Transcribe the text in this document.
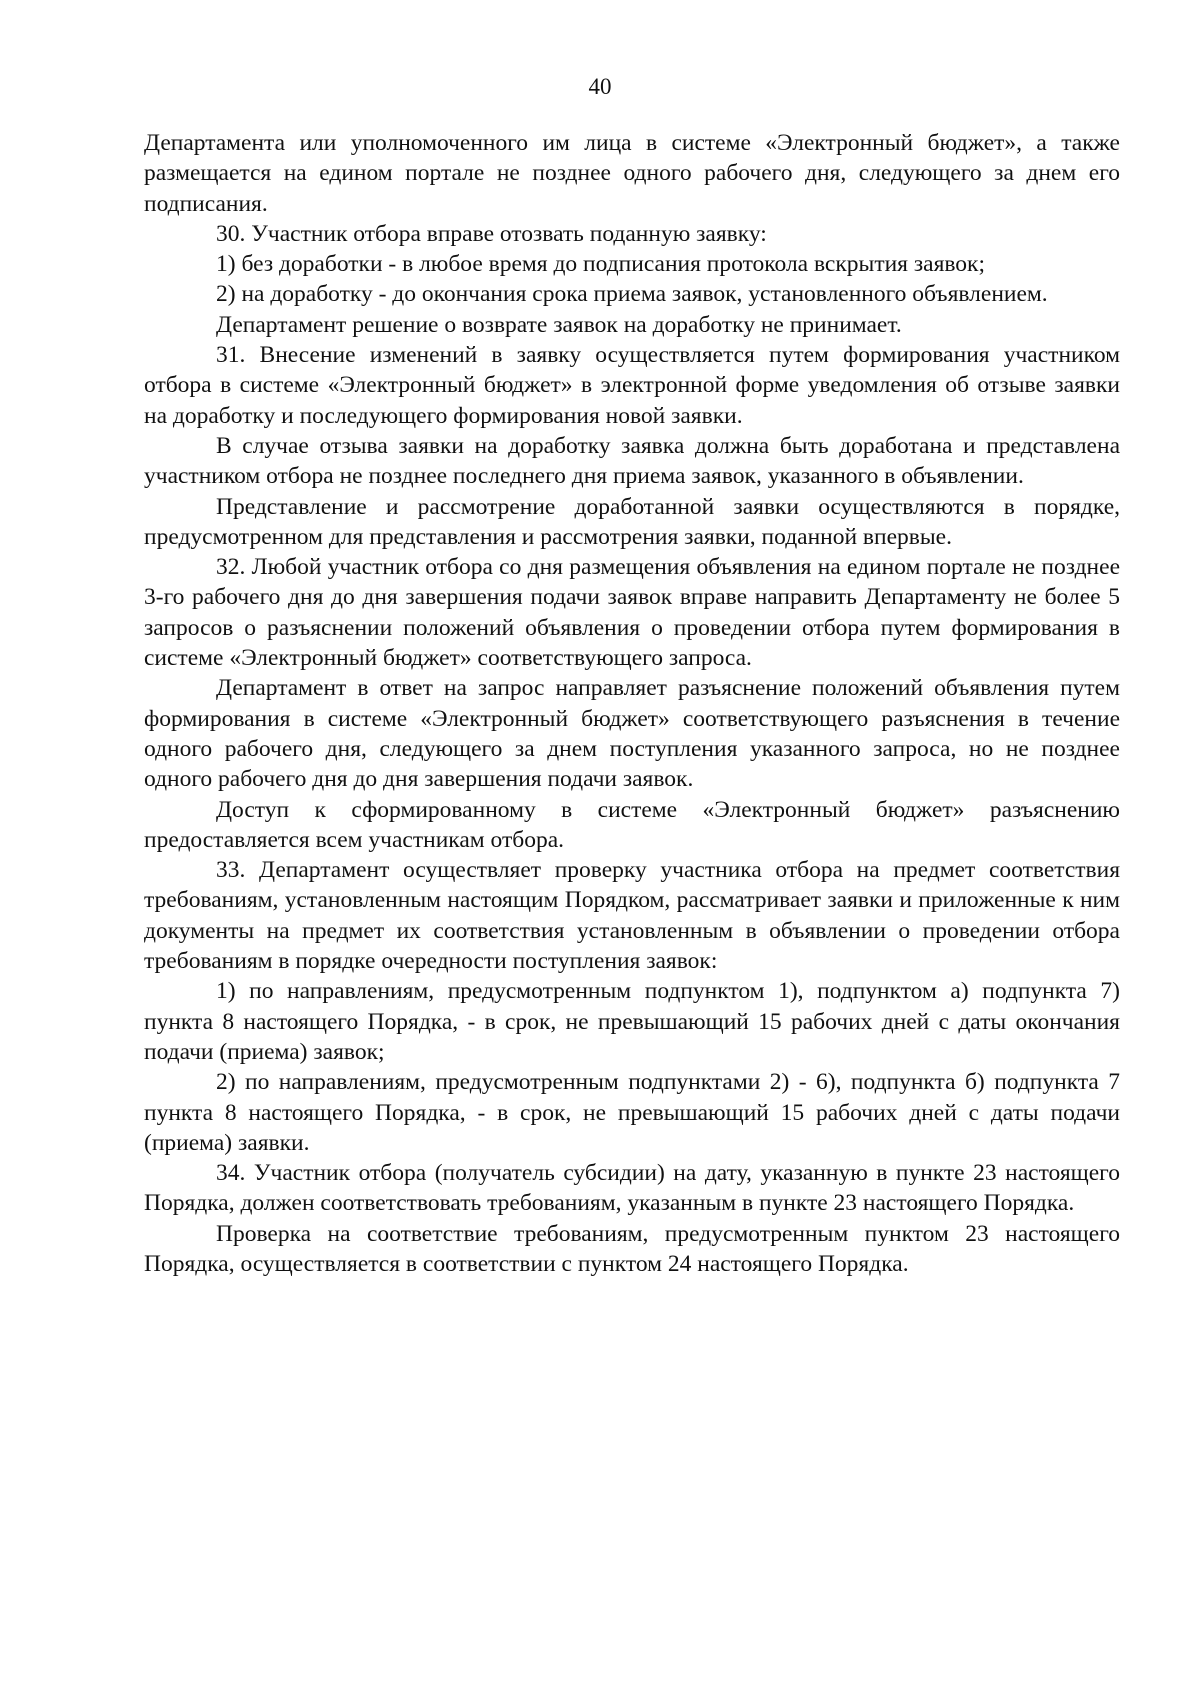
40

Департамента или уполномоченного им лица в системе «Электронный бюджет», а также размещается на едином портале не позднее одного рабочего дня, следующего за днем его подписания.

30. Участник отбора вправе отозвать поданную заявку:

1) без доработки - в любое время до подписания протокола вскрытия заявок;

2) на доработку - до окончания срока приема заявок, установленного объявлением.

Департамент решение о возврате заявок на доработку не принимает.

31. Внесение изменений в заявку осуществляется путем формирования участником отбора в системе «Электронный бюджет» в электронной форме уведомления об отзыве заявки на доработку и последующего формирования новой заявки.

В случае отзыва заявки на доработку заявка должна быть доработана и представлена участником отбора не позднее последнего дня приема заявок, указанного в объявлении.

Представление и рассмотрение доработанной заявки осуществляются в порядке, предусмотренном для представления и рассмотрения заявки, поданной впервые.

32. Любой участник отбора со дня размещения объявления на едином портале не позднее 3-го рабочего дня до дня завершения подачи заявок вправе направить Департаменту не более 5 запросов о разъяснении положений объявления о проведении отбора путем формирования в системе «Электронный бюджет» соответствующего запроса.

Департамент в ответ на запрос направляет разъяснение положений объявления путем формирования в системе «Электронный бюджет» соответствующего разъяснения в течение одного рабочего дня, следующего за днем поступления указанного запроса, но не позднее одного рабочего дня до дня завершения подачи заявок.

Доступ к сформированному в системе «Электронный бюджет» разъяснению предоставляется всем участникам отбора.

33. Департамент осуществляет проверку участника отбора на предмет соответствия требованиям, установленным настоящим Порядком, рассматривает заявки и приложенные к ним документы на предмет их соответствия установленным в объявлении о проведении отбора требованиям в порядке очередности поступления заявок:

1) по направлениям, предусмотренным подпунктом 1), подпунктом а) подпункта 7) пункта 8 настоящего Порядка, - в срок, не превышающий 15 рабочих дней с даты окончания подачи (приема) заявок;

2) по направлениям, предусмотренным подпунктами 2) - 6), подпункта б) подпункта 7 пункта 8 настоящего Порядка, - в срок, не превышающий 15 рабочих дней с даты подачи (приема) заявки.

34. Участник отбора (получатель субсидии) на дату, указанную в пункте 23 настоящего Порядка, должен соответствовать требованиям, указанным в пункте 23 настоящего Порядка.

Проверка на соответствие требованиям, предусмотренным пунктом 23 настоящего Порядка, осуществляется в соответствии с пунктом 24 настоящего Порядка.
